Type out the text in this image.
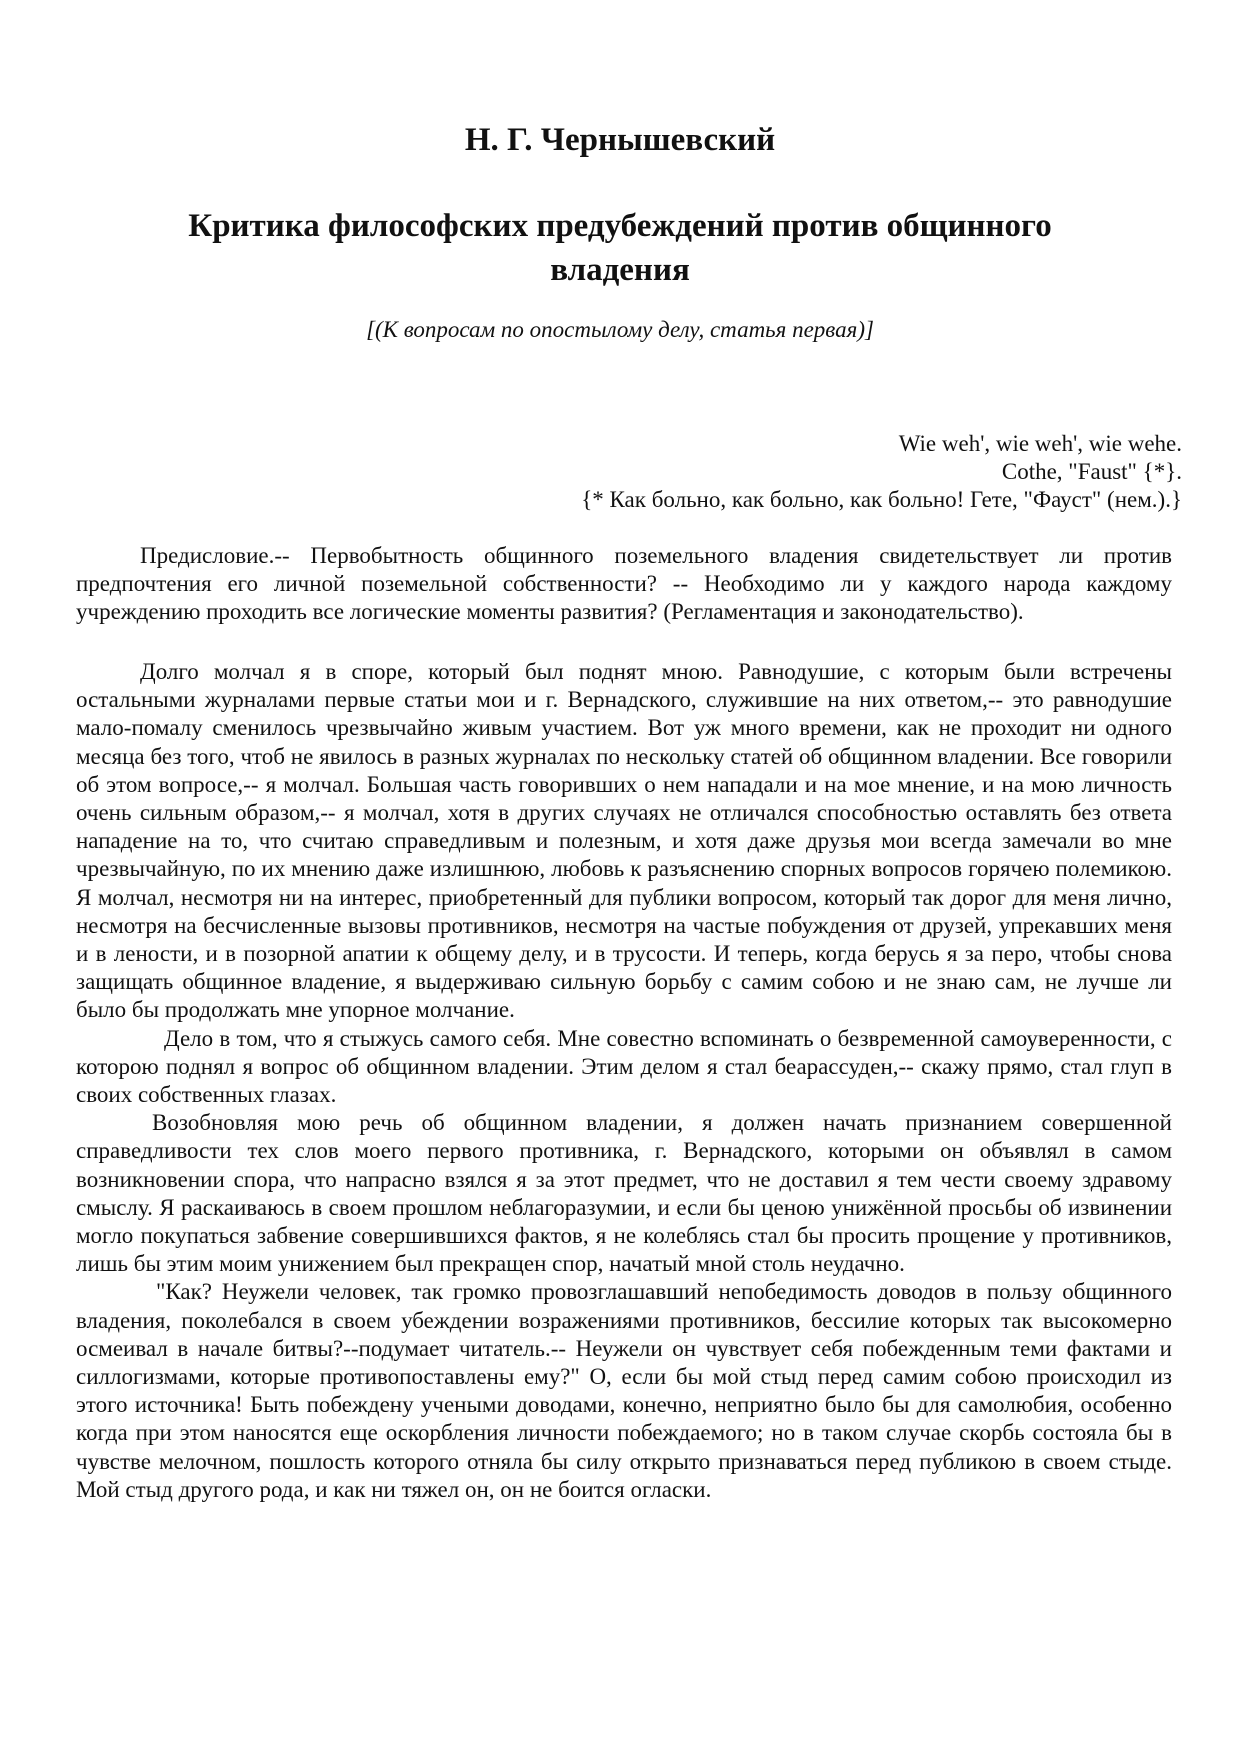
Н. Г. Чернышевский
Критика философских предубеждений против общинного владения

[(К вопросам по опостылому делу, статья первая)]

Wie weh', wie weh', wie wehe.
Cothe, "Faust" {*}.
{* Как больно, как больно, как больно! Гете, "Фауст" (нем.).}

Предисловие.-- Первобытность общинного поземельного владения свидетельствует ли против предпочтения его личной поземельной собственности? -- Необходимо ли у каждого народа каждому учреждению проходить все логические моменты развития? (Регламентация и законодательство).

Долго молчал я в споре, который был поднят мною. Равнодушие, с которым были встречены остальными журналами первые статьи мои и г. Вернадского, служившие на них ответом,-- это равнодушие мало-помалу сменилось чрезвычайно живым участием. Вот уж много времени, как не проходит ни одного месяца без того, чтоб не явилось в разных журналах по нескольку статей об общинном владении. Все говорили об этом вопросе,-- я молчал. Большая часть говоривших о нем нападали и на мое мнение, и на мою личность очень сильным образом,-- я молчал, хотя в других случаях не отличался способностью оставлять без ответа нападение на то, что считаю справедливым и полезным, и хотя даже друзья мои всегда замечали во мне чрезвычайную, по их мнению даже излишнюю, любовь к разъяснению спорных вопросов горячею полемикою. Я молчал, несмотря ни на интерес, приобретенный для публики вопросом, который так дорог для меня лично, несмотря на бесчисленные вызовы противников, несмотря на частые побуждения от друзей, упрекавших меня и в лености, и в позорной апатии к общему делу, и в трусости. И теперь, когда берусь я за перо, чтобы снова защищать общинное владение, я выдерживаю сильную борьбу с самим собою и не знаю сам, не лучше ли было бы продолжать мне упорное молчание.

Дело в том, что я стыжусь самого себя. Мне совестно вспоминать о безвременной самоуверенности, с которою поднял я вопрос об общинном владении. Этим делом я стал беарассуден,-- скажу прямо, стал глуп в своих собственных глазах.

Возобновляя мою речь об общинном владении, я должен начать признанием совершенной справедливости тех слов моего первого противника, г. Вернадского, которыми он объявлял в самом возникновении спора, что напрасно взялся я за этот предмет, что не доставил я тем чести своему здравому смыслу. Я раскаиваюсь в своем прошлом неблагоразумии, и если бы ценою унижённой просьбы об извинении могло покупаться забвение совершившихся фактов, я не колеблясь стал бы просить прощение у противников, лишь бы этим моим унижением был прекращен спор, начатый мной столь неудачно.

"Как? Неужели человек, так громко провозглашавший непобедимость доводов в пользу общинного владения, поколебался в своем убеждении возражениями противников, бессилие которых так высокомерно осмеивал в начале битвы?--подумает читатель.-- Неужели он чувствует себя побежденным теми фактами и силлогизмами, которые противопоставлены ему?" О, если бы мой стыд перед самим собою происходил из этого источника! Быть побеждену учеными доводами, конечно, неприятно было бы для самолюбия, особенно когда при этом наносятся еще оскорбления личности побеждаемого; но в таком случае скорбь состояла бы в чувстве мелочном, пошлость которого отняла бы силу открыто признаваться перед публикою в своем стыде. Мой стыд другого рода, и как ни тяжел он, он не боится огласки.
